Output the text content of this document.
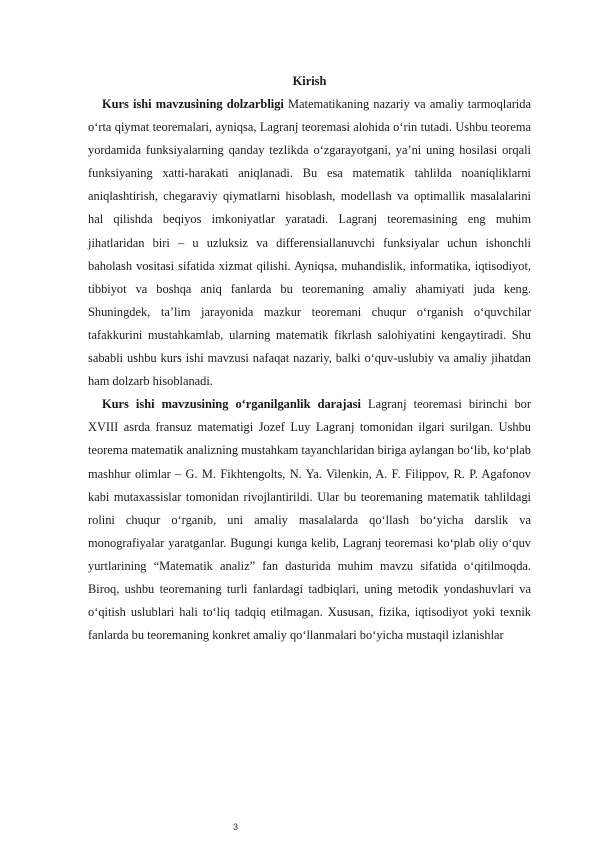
Kirish

Kurs ishi mavzusining dolzarbligi Matematikaning nazariy va amaliy tarmoqlarida o‘rta qiymat teoremalari, ayniqsa, Lagranj teoremasi alohida o‘rin tutadi. Ushbu teorema yordamida funksiyalarning qanday tezlikda o‘zgarayotgani, ya’ni uning hosilasi orqali funksiyaning xatti-harakati aniqlanadi. Bu esa matematik tahlilda noaniqliklarni aniqlashtirish, chegaraviy qiymatlarni hisoblash, modellash va optimallik masalalarini hal qilishda beqiyos imkoniyatlar yaratadi. Lagranj teoremasining eng muhim jihatlaridan biri – u uzluksiz va differensiallanuvchi funksiyalar uchun ishonchli baholash vositasi sifatida xizmat qilishi. Ayniqsa, muhandislik, informatika, iqtisodiyot, tibbiyot va boshqa aniq fanlarda bu teoremaning amaliy ahamiyati juda keng. Shuningdek, ta’lim jarayonida mazkur teoremani chuqur o‘rganish o‘quvchilar tafakkurini mustahkamlab, ularning matematik fikrlash salohiyatini kengaytiradi. Shu sababli ushbu kurs ishi mavzusi nafaqat nazariy, balki o‘quv-uslubiy va amaliy jihatdan ham dolzarb hisoblanadi.

Kurs ishi mavzusining o‘rganilganlik darajasi Lagranj teoremasi birinchi bor XVIII asrda fransuz matematigi Jozef Luy Lagranj tomonidan ilgari surilgan. Ushbu teorema matematik analizning mustahkam tayanchlaridan biriga aylangan bo‘lib, ko‘plab mashhur olimlar – G. M. Fikhtengolts, N. Ya. Vilenkin, A. F. Filippov, R. P. Agafonov kabi mutaxassislar tomonidan rivojlantirildi. Ular bu teoremaning matematik tahlildagi rolini chuqur o‘rganib, uni amaliy masalalarda qo‘llash bo‘yicha darslik va monografiyalar yaratganlar. Bugungi kunga kelib, Lagranj teoremasi ko‘plab oliy o‘quv yurtlarining “Matematik analiz” fan dasturida muhim mavzu sifatida o‘qitilmoqda. Biroq, ushbu teoremaning turli fanlardagi tadbiqlari, uning metodik yondashuvlari va o‘qitish uslublari hali to‘liq tadqiq etilmagan. Xususan, fizika, iqtisodiyot yoki texnik fanlarda bu teoremaning konkret amaliy qo‘llanmalari bo‘yicha mustaqil izlanishlar

3
